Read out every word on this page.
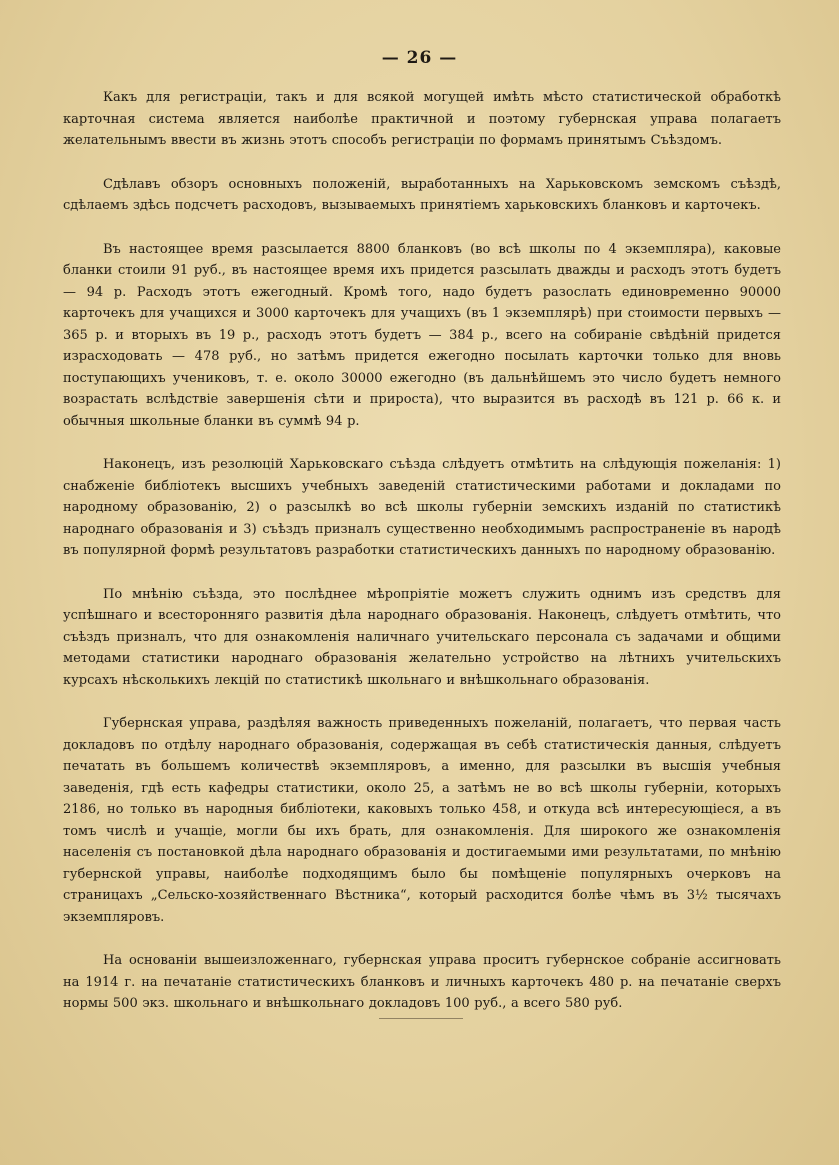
— 26 —

Какъ для регистраціи, такъ и для всякой могущей имѣть мѣсто статистической обработкѣ карточная система является наиболѣе практичной и поэтому губернская управа полагаетъ желательнымъ ввести въ жизнь этотъ способъ регистраціи по формамъ принятымъ Съѣздомъ.

Сдѣлавъ обзоръ основныхъ положеній, выработанныхъ на Харьковскомъ земскомъ съѣздѣ, сдѣлаемъ здѣсь подсчетъ расходовъ, вызываемыхъ принятіемъ харьковскихъ бланковъ и карточекъ.

Въ настоящее время разсылается 8800 бланковъ (во всѣ школы по 4 экземпляра), каковые бланки стоили 91 руб., въ настоящее время ихъ придется разсылать дважды и расходъ этотъ будетъ — 94 р. Расходъ этотъ ежегодный. Кромѣ того, надо будетъ разослать единовременно 90000 карточекъ для учащихся и 3000 карточекъ для учащихъ (въ 1 экземплярѣ) при стоимости первыхъ — 365 р. и вторыхъ въ 19 р., расходъ этотъ будетъ — 384 р., всего на собираніе свѣдѣній придется израсходовать — 478 руб., но затѣмъ придется ежегодно посылать карточки только для вновь поступающихъ учениковъ, т. е. около 30000 ежегодно (въ дальнѣйшемъ это число будетъ немного возрастать вслѣдствіе завершенія сѣти и прироста), что выразится въ расходѣ въ 121 р. 66 к. и обычныя школьные бланки въ суммѣ 94 р.

Наконецъ, изъ резолюцій Харьковскаго съѣзда слѣдуетъ отмѣтить на слѣдующія пожеланія: 1) снабженіе библіотекъ высшихъ учебныхъ заведеній статистическими работами и докладами по народному образованію, 2) о разсылкѣ во всѣ школы губерніи земскихъ изданій по статистикѣ народнаго образованія и 3) съѣздъ призналъ существенно необходимымъ распространеніе въ народѣ въ популярной формѣ результатовъ разработки статистическихъ данныхъ по народному образованію.

По мнѣнію съѣзда, это послѣднее мѣропріятіе можетъ служить однимъ изъ средствъ для успѣшнаго и всесторонняго развитія дѣла народнаго образованія. Наконецъ, слѣдуетъ отмѣтить, что съѣздъ призналъ, что для ознакомленія наличнаго учительскаго персонала съ задачами и общими методами статистики народнаго образованія желательно устройство на лѣтнихъ учительскихъ курсахъ нѣсколькихъ лекцій по статистикѣ школьнаго и внѣшкольнаго образованія.

Губернская управа, раздѣляя важность приведенныхъ пожеланій, полагаетъ, что первая часть докладовъ по отдѣлу народнаго образованія, содержащая въ себѣ статистическія данныя, слѣдуетъ печатать въ большемъ количествѣ экземпляровъ, а именно, для разсылки въ высшія учебныя заведенія, гдѣ есть кафедры статистики, около 25, а затѣмъ не во всѣ школы губерніи, которыхъ 2186, но только въ народныя библіотеки, каковыхъ только 458, и откуда всѣ интересующіеся, а въ томъ числѣ и учащіе, могли бы ихъ брать, для ознакомленія. Для широкого же ознакомленія населенія съ постановкой дѣла народнаго образованія и достигаемыми ими результатами, по мнѣнію губернской управы, наиболѣе подходящимъ было бы помѣщеніе популярныхъ очерковъ на страницахъ „Сельско-хозяйственнаго Вѣстника“, который расходится болѣе чѣмъ въ 3½ тысячахъ экземпляровъ.

На основаніи вышеизложеннаго, губернская управа проситъ губернское собраніе ассигновать на 1914 г. на печатаніе статистическихъ бланковъ и личныхъ карточекъ 480 р. на печатаніе сверхъ нормы 500 экз. школьнаго и внѣшкольнаго докладовъ 100 руб., а всего 580 руб.
